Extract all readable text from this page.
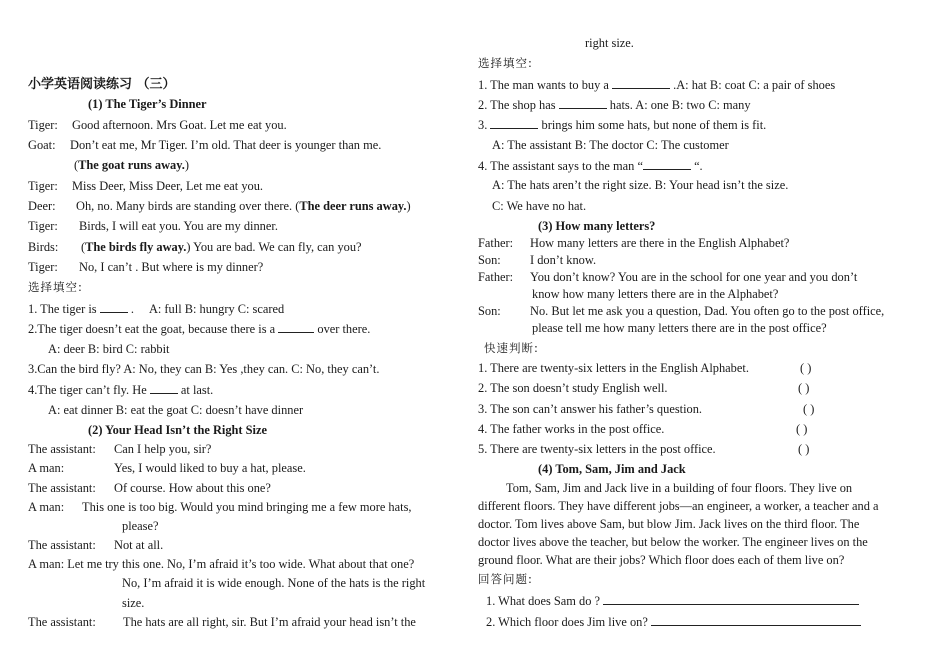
小学英语阅读练习 （三）
(1) The Tiger’s Dinner
Tiger: Good afternoon. Mrs Goat. Let me eat you.
Goat: Don’t eat me, Mr Tiger. I’m old. That deer is younger than me.
(The goat runs away.)
Tiger: Miss Deer, Miss Deer, Let me eat you.
Deer: Oh, no. Many birds are standing over there. (The deer runs away.)
Tiger: Birds, I will eat you. You are my dinner.
Birds: (The birds fly away.) You are bad. We can fly, can you?
Tiger: No, I can’t . But where is my dinner?
选择填空:
1. The tiger is	. A: full B: hungry C: scared
2.The tiger doesn’t eat the goat, because there is a	over there.
A: deer B: bird C: rabbit
3.Can the bird fly? A: No, they can B: Yes ,they can. C: No, they can’t.
4.The tiger can’t fly. He	at last.
A: eat dinner B: eat the goat C: doesn’t have dinner
(2) Your Head Isn’t the Right Size
The assistant: Can I help you, sir?
A man:	Yes, I would liked to buy a hat, please.
The assistant: Of course. How about this one?
A man: This one is too big. Would you mind bringing me a few more hats,
please?
The assistant: Not at all.
A man: Let me try this one. No, I’m afraid it’s too wide. What about that one?
No, I’m afraid it is wide enough. None of the hats is the right
size.
The assistant: The hats are all right, sir. But I’m afraid your head isn’t the
right size.
选择填空:
1. The man wants to buy a	.A: hat B: coat C: a pair of shoes
2. The shop has	hats. A: one B: two C: many
3.	brings him some hats, but none of them is fit.
A: The assistant B: The doctor C: The customer
4. The assistant says to the man “	“.
A: The hats aren’t the right size. B: Your head isn’t the size.
C: We have no hat.
(3) How many letters?
Father: How many letters are there in the English Alphabet?
Son: I don’t know.
Father: You don’t know? You are in the school for one year and you don’t
know how many letters there are in the Alphabet?
Son: No. But let me ask you a question, Dad. You often go to the post office,
please tell me how many letters there are in the post office?
快速判断:
1. There are twenty-six letters in the English Alphabet.	( )
2. The son doesn’t study English well.	( )
3. The son can’t answer his father’s question.	( )
4. The father works in the post office.	( )
5. There are twenty-six letters in the post office.	( )
(4) Tom, Sam, Jim and Jack
Tom, Sam, Jim and Jack live in a building of four floors. They live on
different floors. They have different jobs—an engineer, a worker, a teacher and a
doctor. Tom lives above Sam, but blow Jim. Jack lives on the third floor. The
doctor lives above the teacher, but below the worker. The engineer lives on the
ground floor. What are their jobs? Which floor does each of them live on?
回答问题:
1. What does Sam do ?
2. Which floor does Jim live on?
